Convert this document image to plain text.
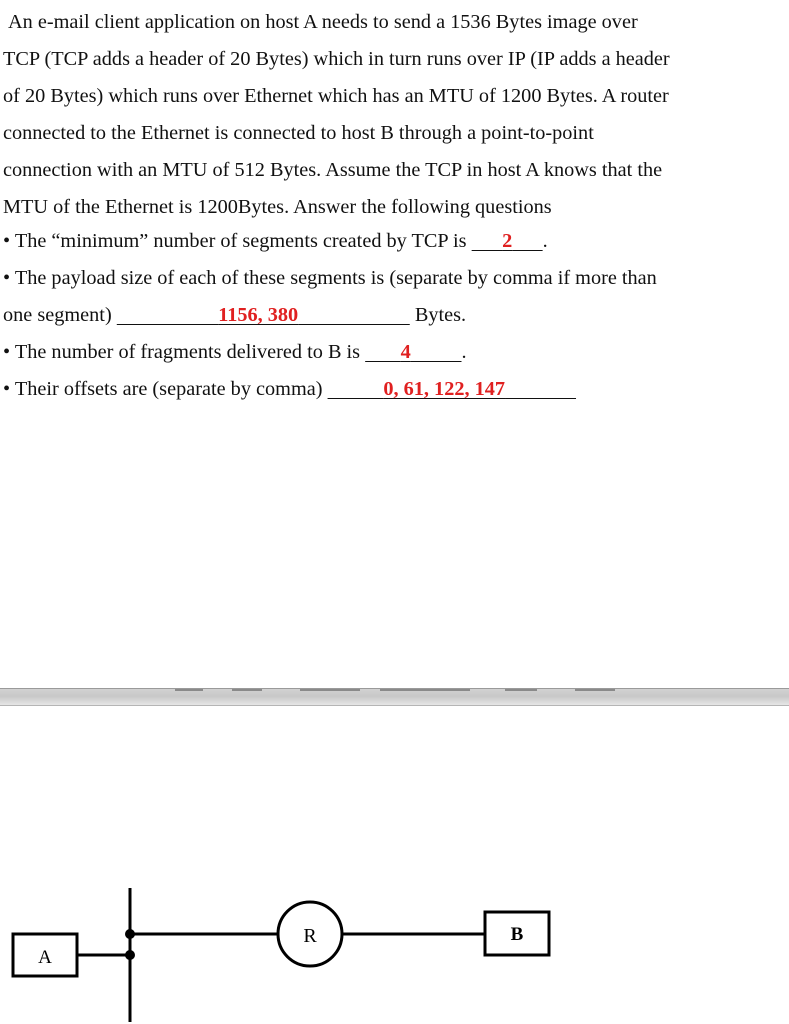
An e-mail client application on host A needs to send a 1536 Bytes image over
TCP (TCP adds a header of 20 Bytes) which in turn runs over IP (IP adds a header
of 20 Bytes) which runs over Ethernet which has an MTU of 1200 Bytes. A router
connected to the Ethernet is connected to host B through a point-to-point
connection with an MTU of 512 Bytes. Assume the TCP in host A knows that the
MTU of the Ethernet is 1200Bytes. Answer the following questions
• The “minimum” number of segments created by TCP is 2 .
• The payload size of each of these segments is (separate by comma if more than
one segment)	1156, 380	Bytes.
• The number of fragments delivered to B is 4 .
• Their offsets are (separate by comma)	0, 61, 122, 147
A
R	B
